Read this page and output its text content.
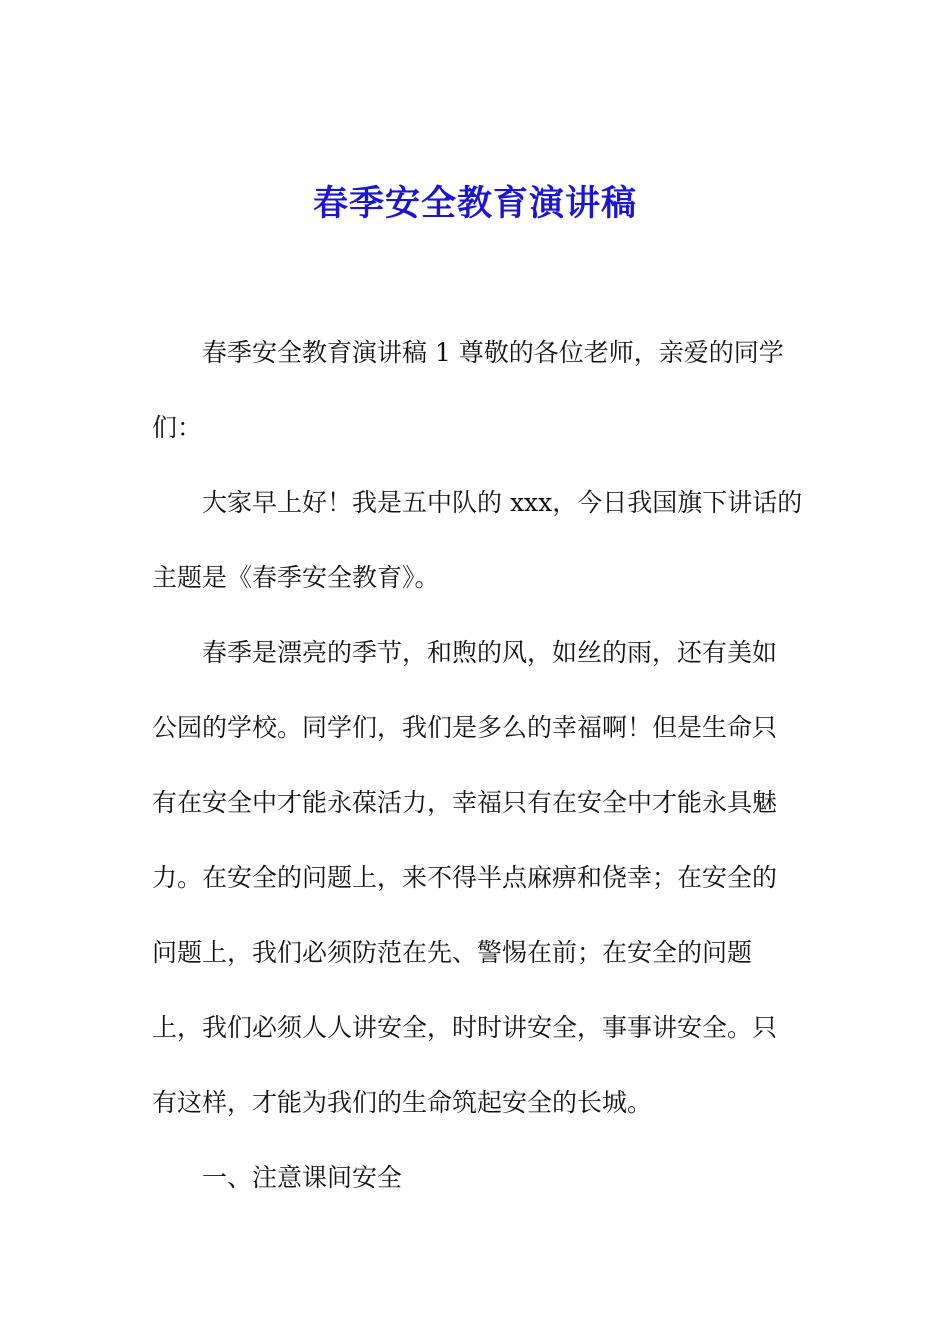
春季安全教育演讲稿
春季安全教育演讲稿 1 尊敬的各位老师，亲爱的同学
们：
大家早上好！我是五中队的 xxx，今日我国旗下讲话的
主题是《春季安全教育》。
春季是漂亮的季节，和煦的风，如丝的雨，还有美如
公园的学校。同学们，我们是多么的幸福啊！但是生命只
有在安全中才能永葆活力，幸福只有在安全中才能永具魅
力。在安全的问题上，来不得半点麻痹和侥幸；在安全的
问题上，我们必须防范在先、警惕在前；在安全的问题
上，我们必须人人讲安全，时时讲安全，事事讲安全。只
有这样，才能为我们的生命筑起安全的长城。
一、注意课间安全
